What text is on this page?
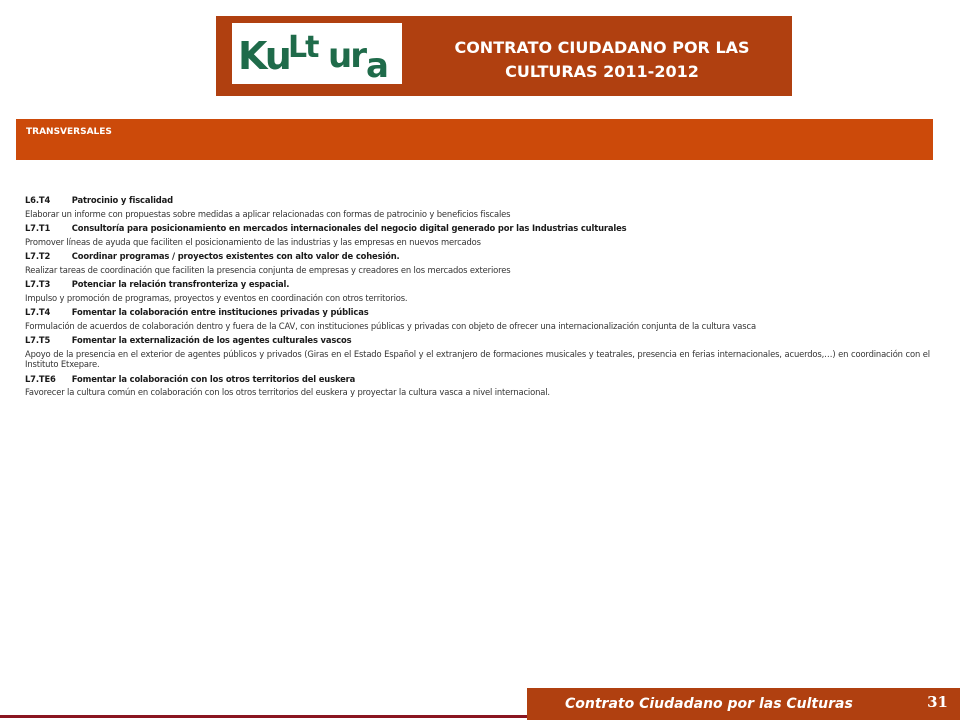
Ku
Lt ur a	CONTRATO CIUDADANO POR LAS
CULTURAS 2011-2012
TRANSVERSALES
L6.T4	Patrocinio y fiscalidad
Elaborar un informe con propuestas sobre medidas a aplicar relacionadas con formas de patrocinio y beneficios fiscales
L7.T1	Consultoría para posicionamiento en mercados internacionales del negocio digital generado por las Industrias culturales
Promover líneas de ayuda que faciliten el posicionamiento de las industrias y las empresas en nuevos mercados
L7.T2	Coordinar programas / proyectos existentes con alto valor de cohesión.
Realizar tareas de coordinación que faciliten la presencia conjunta de empresas y creadores en los mercados exteriores
L7.T3	Potenciar la relación transfronteriza y espacial.
Impulso y promoción de programas, proyectos y eventos en coordinación con otros territorios.
L7.T4	Fomentar la colaboración entre instituciones privadas y públicas
Formulación de acuerdos de colaboración dentro y fuera de la CAV, con instituciones públicas y privadas con objeto de ofrecer una internacionalización conjunta de la cultura vasca
L7.T5	Fomentar la externalización de los agentes culturales vascos
Apoyo de la presencia en el exterior de agentes públicos y privados (Giras en el Estado Español y el extranjero de formaciones musicales y teatrales, presencia en ferias internacionales, acuerdos,…) en coordinación con el Instituto Etxepare.
L7.TE6 Fomentar la colaboración con los otros territorios del euskera
Favorecer la cultura común en colaboración con los otros territorios del euskera y proyectar la cultura vasca a nivel internacional.
Contrato Ciudadano por las Culturas	31
